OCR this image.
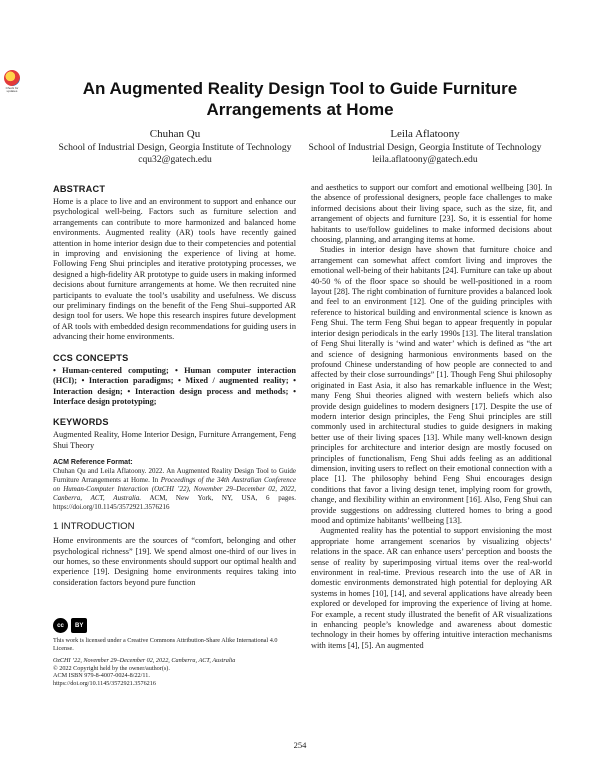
Check for updates	An Augmented Reality Design Tool to Guide Furniture Arrangements at Home
Chuhan Qu
School of Industrial Design, Georgia Institute of Technology
cqu32@gatech.edu
Leila Aflatoony
School of Industrial Design, Georgia Institute of Technology
leila.aflatoony@gatech.edu
ABSTRACT

Home is a place to live and an environment to support and enhance our psychological well-being. Factors such as furniture selection and arrangements can contribute to more harmonized and balanced home environments. Augmented reality (AR) tools have recently gained attention in home interior design due to their competencies and potential in improving and envisioning the experience of living at home. Following Feng Shui principles and iterative prototyping processes, we designed a high-fidelity AR prototype to guide users in making informed decisions about furniture arrangements at home. We then recruited nine participants to evaluate the tool’s usability and usefulness. We discuss our preliminary findings on the benefit of the Feng Shui–supported AR design tool for users. We hope this research inspires future development of AR tools with embedded design recommendations for guiding users in advancing their home environments.

CCS CONCEPTS

• Human-centered computing; • Human computer interaction (HCI); • Interaction paradigms; • Mixed / augmented reality; • Interaction design; • Interaction design process and methods; • Interface design prototyping;

KEYWORDS

Augmented Reality, Home Interior Design, Furniture Arrangement, Feng Shui Theory

ACM Reference Format:

Chuhan Qu and Leila Aflatoony. 2022. An Augmented Reality Design Tool to Guide Furniture Arrangements at Home. In Proceedings of the 34th Australian Conference on Human-Computer Interaction (OzCHI ’22), November 29–December 02, 2022, Canberra, ACT, Australia. ACM, New York, NY, USA, 6 pages. https://doi.org/10.1145/3572921.3576216

1 INTRODUCTION

Home environments are the sources of “comfort, belonging and other psychological richness” [19]. We spend almost one-third of our lives in our homes, so these environments should support our optimal health and experience [19]. Designing home environments requires taking into consideration factors beyond pure function

cc	BY
This work is licensed under a Creative Commons Attribution-Share Alike International 4.0 License.
OzCHI ’22, November 29–December 02, 2022, Canberra, ACT, Australia
© 2022 Copyright held by the owner/author(s).
ACM ISBN 979-8-4007-0024-8/22/11.
https://doi.org/10.1145/3572921.3576216

and aesthetics to support our comfort and emotional wellbeing [30]. In the absence of professional designers, people face challenges to make informed decisions about their living space, such as the size, fit, and arrangement of objects and furniture [23]. So, it is essential for home habitants to use/follow guidelines to make informed decisions about choosing, planning, and arranging items at home.

Studies in interior design have shown that furniture choice and arrangement can somewhat affect comfort living and improves the emotional well-being of their habitants [24]. Furniture can take up about 40-50 % of the floor space so should be well-positioned in a room layout [28]. The right combination of furniture provides a balanced look and feel to an environment [12]. One of the guiding principles with reference to historical building and environmental science is known as Feng Shui. The term Feng Shui began to appear frequently in popular interior design periodicals in the early 1990s [13]. The literal translation of Feng Shui literally is ‘wind and water’ which is defined as “the art and science of designing harmonious environments based on the profound Chinese understanding of how people are connected to and affected by their close surroundings” [1]. Though Feng Shui philosophy originated in East Asia, it also has remarkable influence in the West; many Feng Shui theories aligned with western beliefs which also provide design guidelines to modern designers [17]. Despite the use of modern interior design principles, the Feng Shui principles are still commonly used in architectural studies to guide designers in making better use of their living spaces [13]. While many well-known design principles for architecture and interior design are mostly focused on principles of functionalism, Feng Shui adds feeling as an additional dimension, inviting users to reflect on their emotional connection with a place [1]. The philosophy behind Feng Shui encourages design conditions that favor a living design tenet, implying room for growth, change, and flexibility within an environment [16]. Also, Feng Shui can provide suggestions on addressing cluttered homes to bring a good mood and optimize habitants’ wellbeing [13].

Augmented reality has the potential to support envisioning the most appropriate home arrangement scenarios by visualizing objects’ relations in the space. AR can enhance users’ perception and boosts the sense of reality by superimposing virtual items over the real-world environment in real-time. Previous research into the use of AR in domestic environments demonstrated high potential for deploying AR systems in homes [10], [14], and several applications have already been explored or developed for improving the experience of living at home. For example, a recent study illustrated the benefit of AR visualizations in enhancing people’s knowledge and awareness about domestic technology in their homes by offering intuitive interaction mechanisms with items [4], [5]. An augmented

254
